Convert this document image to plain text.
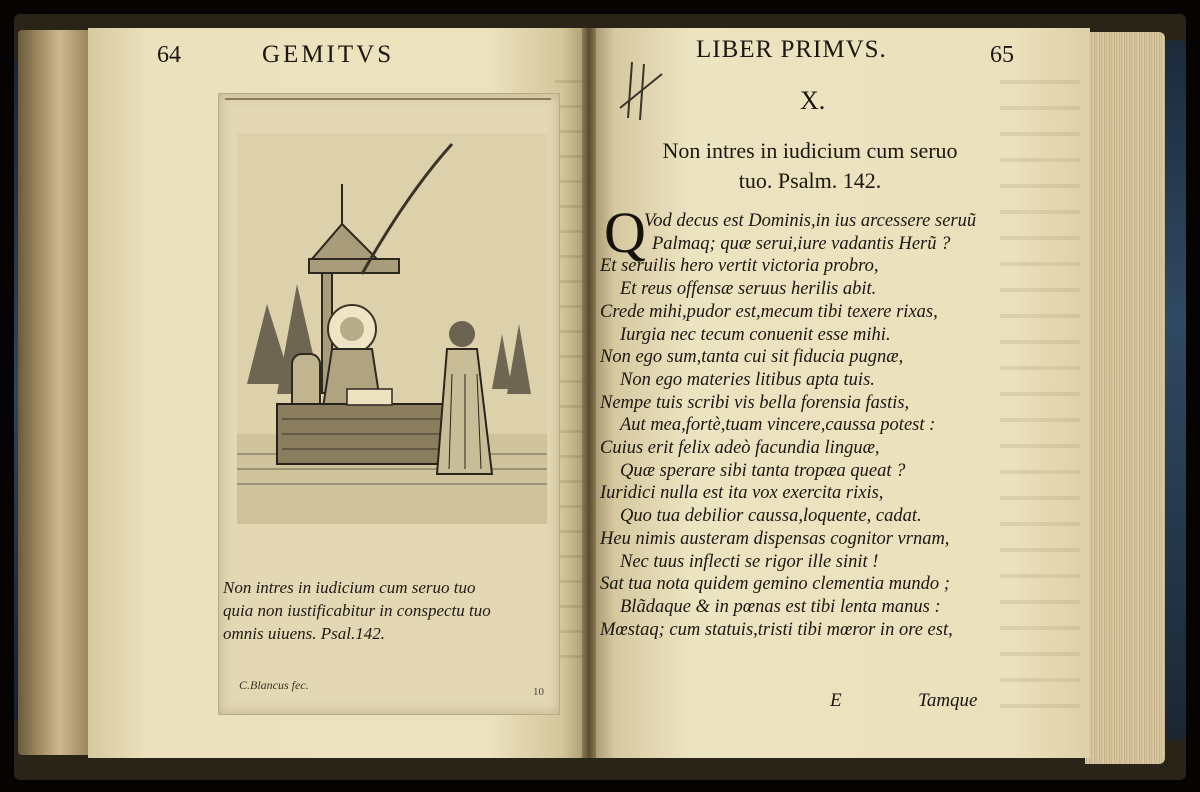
64	GEMITVS
Non intres in iudicium cum seruo tuo
quia non iustificabitur in conspectu tuo
omnis uiuens. Psal.142.
C.Blancus fec.	10
LIBER PRIMVS.	65
X.
Non intres in iudicium cum seruo
tuo. Psalm. 142.
Q
Vod decus est Dominis,in ius arcessere seruũ
Palmaq; quæ serui,iure vadantis Herũ ?
Et seruilis hero vertit victoria probro,
Et reus offensæ seruus herilis abit.
Crede mihi,pudor est,mecum tibi texere rixas,
Iurgia nec tecum conuenit esse mihi.
Non ego sum,tanta cui sit fiducia pugnæ,
Non ego materies litibus apta tuis.
Nempe tuis scribi vis bella forensia fastis,
Aut mea,fortè,tuam vincere,caussa potest :
Cuius erit felix adeò facundia linguæ,
Quæ sperare sibi tanta tropæa queat ?
Iuridici nulla est ita vox exercita rixis,
Quo tua debilior caussa,loquente, cadat.
Heu nimis austeram dispensas cognitor vrnam,
Nec tuus inflecti se rigor ille sinit !
Sat tua nota quidem gemino clementia mundo ;
Blãdaque & in pœnas est tibi lenta manus :
Mœstaq; cum statuis,tristi tibi mœror in ore est,
E	Tamque
